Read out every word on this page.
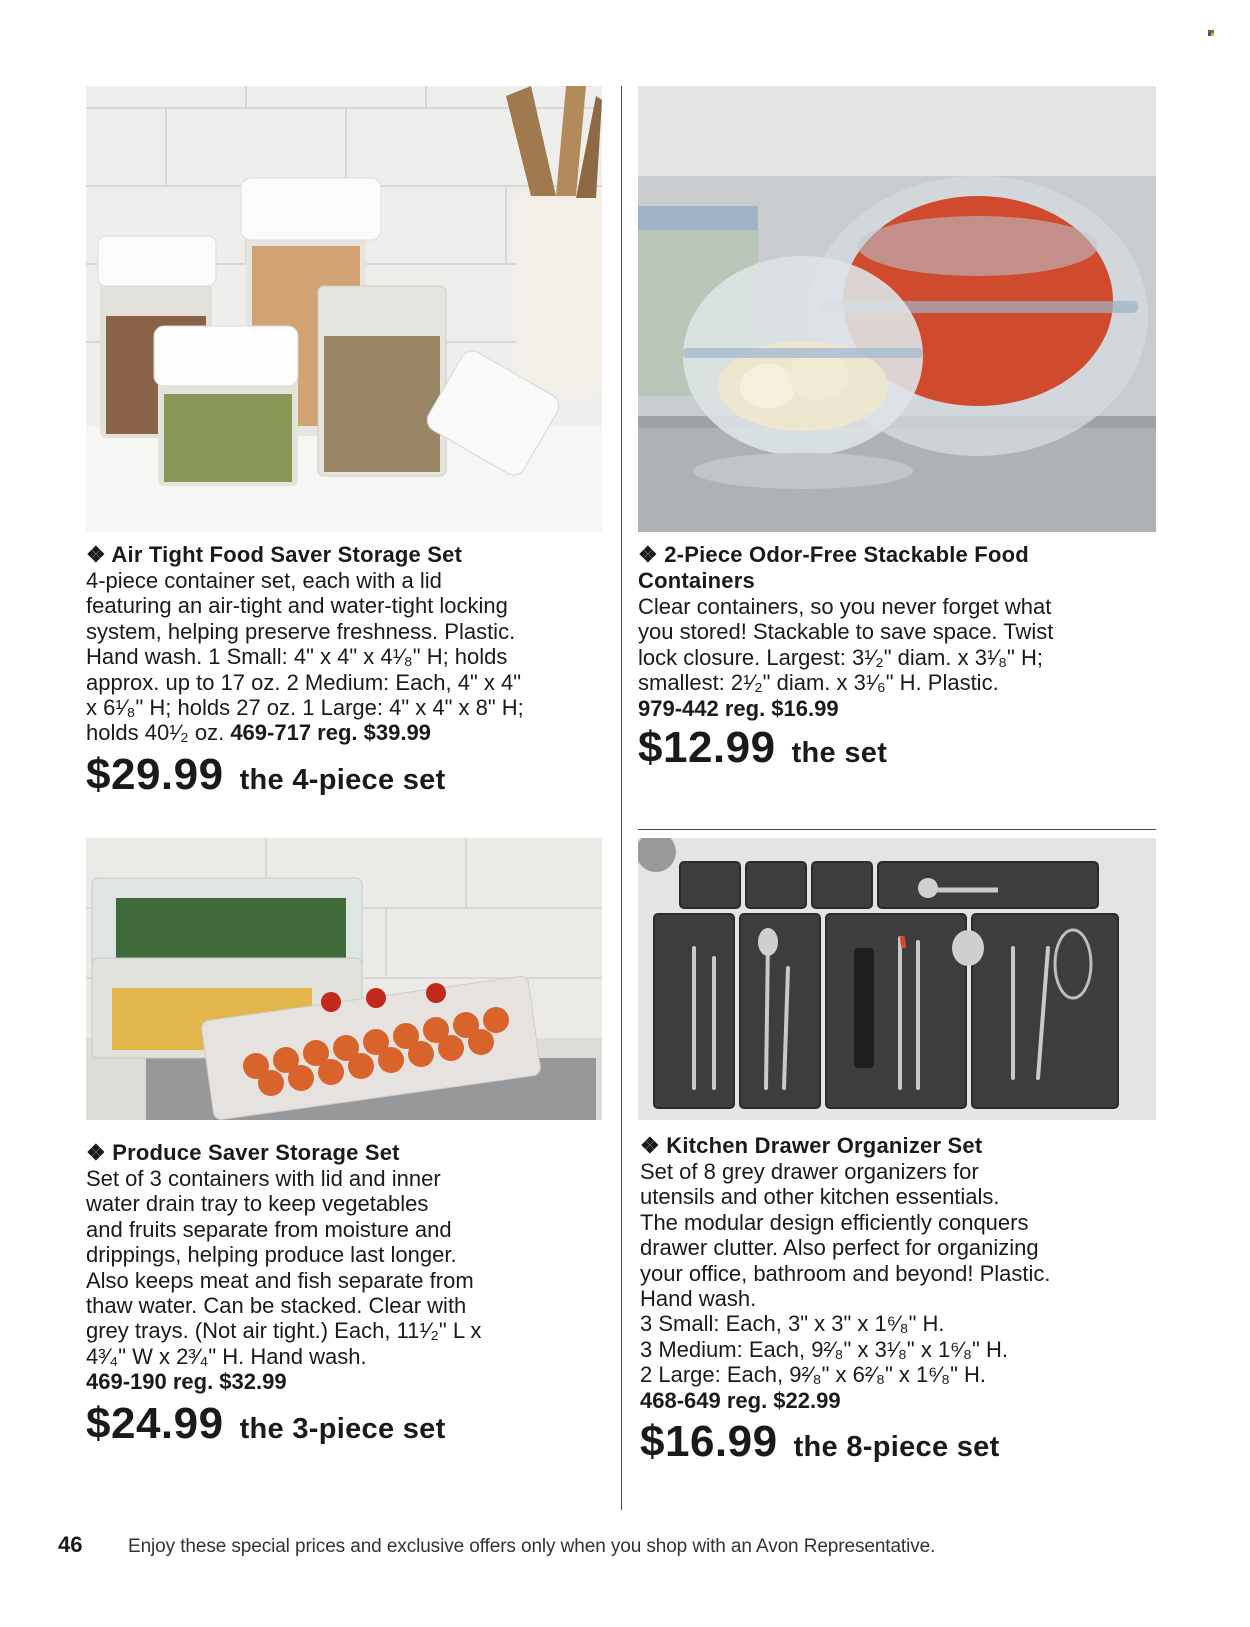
❖ Air Tight Food Saver Storage Set
4-piece container set, each with a lid
featuring an air-tight and water-tight locking
system, helping preserve freshness. Plastic.
Hand wash. 1 Small: 4" x 4" x 4¹⁄₈" H; holds
approx. up to 17 oz. 2 Medium: Each, 4" x 4"
x 6¹⁄₈" H; holds 27 oz. 1 Large: 4" x 4" x 8" H;
holds 40¹⁄₂ oz. 469-717 reg. $39.99
$29.99 the 4-piece set
❖ 2-Piece Odor-Free Stackable Food
Containers
Clear containers, so you never forget what
you stored! Stackable to save space. Twist
lock closure. Largest: 3¹⁄₂" diam. x 3¹⁄₈" H;
smallest: 2¹⁄₂" diam. x 3¹⁄₆" H. Plastic.
979-442 reg. $16.99
$12.99 the set
❖ Produce Saver Storage Set
Set of 3 containers with lid and inner
water drain tray to keep vegetables
and fruits separate from moisture and
drippings, helping produce last longer.
Also keeps meat and fish separate from
thaw water. Can be stacked. Clear with
grey trays. (Not air tight.) Each, 11¹⁄₂" L x
4³⁄₄" W x 2³⁄₄" H. Hand wash.
469-190 reg. $32.99
$24.99 the 3-piece set
❖ Kitchen Drawer Organizer Set
Set of 8 grey drawer organizers for
utensils and other kitchen essentials.
The modular design efficiently conquers
drawer clutter. Also perfect for organizing
your office, bathroom and beyond! Plastic.
Hand wash.
3 Small: Each, 3" x 3" x 1⁶⁄₈" H.
3 Medium: Each, 9²⁄₈" x 3¹⁄₈" x 1⁶⁄₈" H.
2 Large: Each, 9²⁄₈" x 6²⁄₈" x 1⁶⁄₈" H.
468-649 reg. $22.99
$16.99 the 8-piece set
46	Enjoy these special prices and exclusive offers only when you shop with an Avon Representative.
